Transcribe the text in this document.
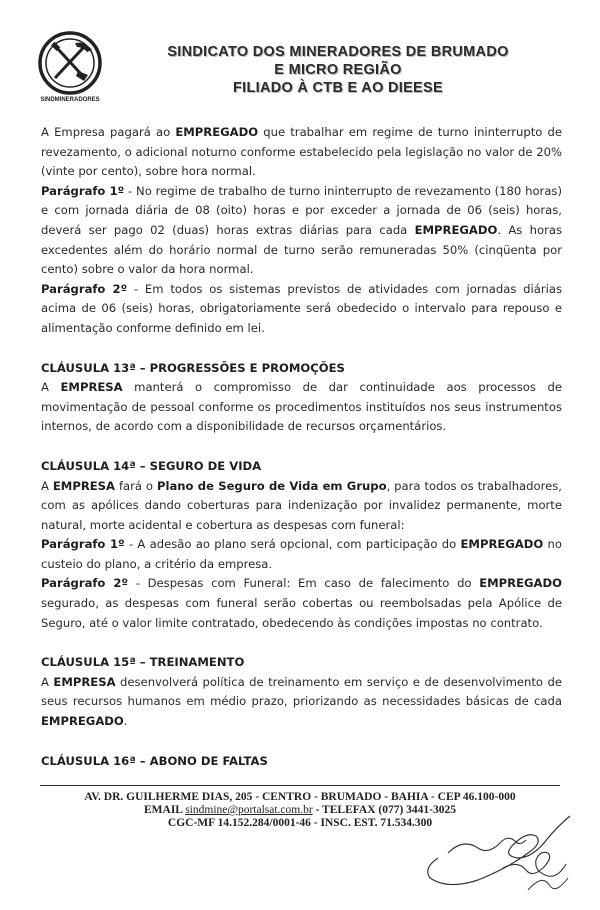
SINDMINERADORES
SINDICATO DOS MINERADORES DE BRUMADO
E MICRO REGIÃO
FILIADO À CTB E AO DIEESE

A Empresa pagará ao EMPREGADO que trabalhar em regime de turno ininterrupto de revezamento, o adicional noturno conforme estabelecido pela legislação no valor de 20% (vinte por cento), sobre hora normal.

Parágrafo 1º - No regime de trabalho de turno ininterrupto de revezamento (180 horas) e com jornada diária de 08 (oito) horas e por exceder a jornada de 06 (seis) horas, deverá ser pago 02 (duas) horas extras diárias para cada EMPREGADO. As horas excedentes além do horário normal de turno serão remuneradas 50% (cinqüenta por cento) sobre o valor da hora normal.

Parágrafo 2º - Em todos os sistemas previstos de atividades com jornadas diárias acima de 06 (seis) horas, obrigatoriamente será obedecido o intervalo para repouso e alimentação conforme definido em lei.

CLÁUSULA 13ª – PROGRESSÕES E PROMOÇÕES

A EMPRESA manterá o compromisso de dar continuidade aos processos de movimentação de pessoal conforme os procedimentos instituídos nos seus instrumentos internos, de acordo com a disponibilidade de recursos orçamentários.

CLÁUSULA 14ª – SEGURO DE VIDA

A EMPRESA fará o Plano de Seguro de Vida em Grupo, para todos os trabalhadores, com as apólices dando coberturas para indenização por invalidez permanente, morte natural, morte acidental e cobertura as despesas com funeral:

Parágrafo 1º - A adesão ao plano será opcional, com participação do EMPREGADO no custeio do plano, a critério da empresa.

Parágrafo 2º - Despesas com Funeral: Em caso de falecimento do EMPREGADO segurado, as despesas com funeral serão cobertas ou reembolsadas pela Apólice de Seguro, até o valor limite contratado, obedecendo às condições impostas no contrato.

CLÁUSULA 15ª – TREINAMENTO

A EMPRESA desenvolverá política de treinamento em serviço e de desenvolvimento de seus recursos humanos em médio prazo, priorizando as necessidades básicas de cada EMPREGADO.

CLÁUSULA 16ª – ABONO DE FALTAS

AV. DR. GUILHERME DIAS, 205 - CENTRO - BRUMADO - BAHIA - CEP 46.100-000
EMAIL sindmine@portalsat.com.br - TELEFAX (077) 3441-3025
CGC-MF 14.152.284/0001-46 - INSC. EST. 71.534.300
